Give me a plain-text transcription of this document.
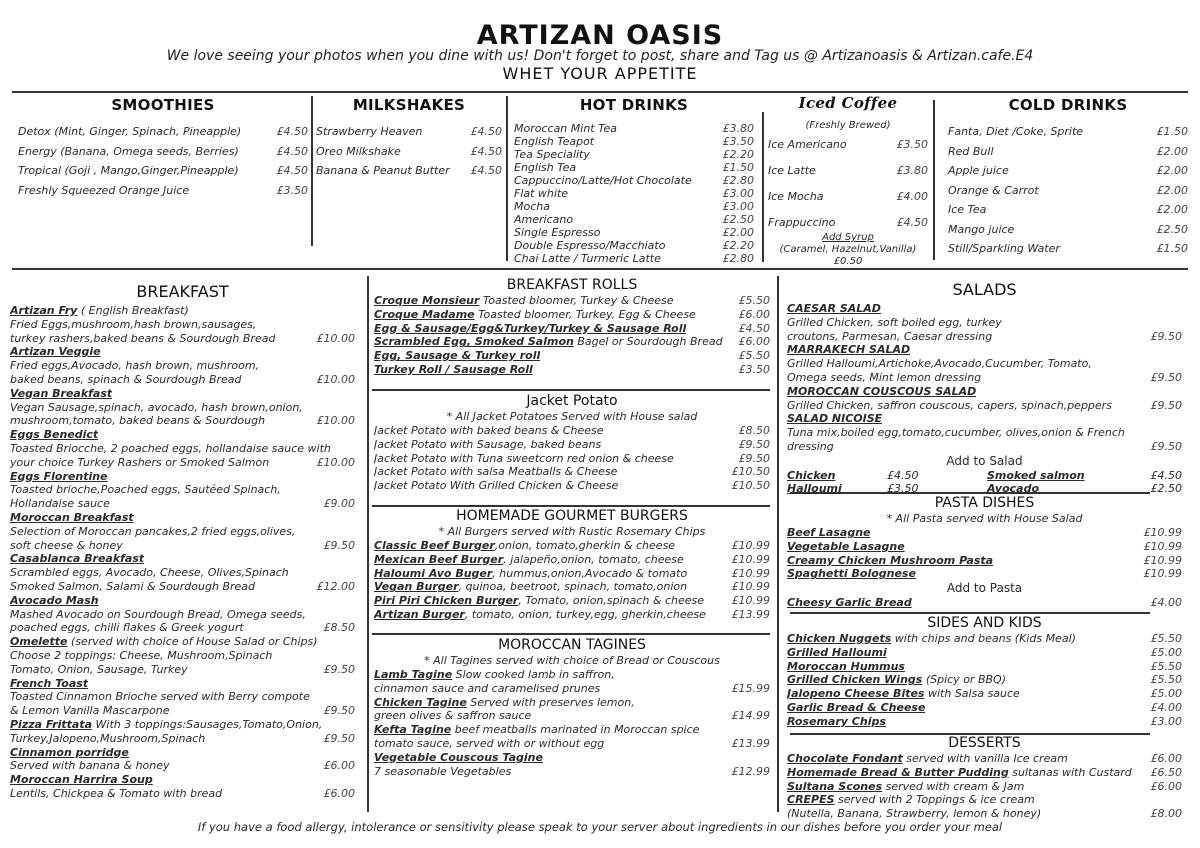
ARTIZAN OASIS
We love seeing your photos when you dine with us! Don't forget to post, share and Tag us @ Artizanoasis & Artizan.cafe.E4
WHET YOUR APPETITE
SMOOTHIES
Detox (Mint, Ginger, Spinach, Pineapple)	£4.50
Energy (Banana, Omega seeds, Berries)	£4.50
Tropical (Goji , Mango,Ginger,Pineapple)	£4.50
Freshly Squeezed Orange Juice	£3.50
MILKSHAKES
Strawberry Heaven	£4.50
Oreo Milkshake	£4.50
Banana & Peanut Butter £4.50
HOT DRINKS
Moroccan Mint Tea	£3.80
English Teapot	£3.50
Tea Speciality	£2.20
English Tea	£1.50
Cappuccino/Latte/Hot Chocolate	£2.80
Flat white	£3.00
Mocha	£3.00
Americano	£2.50
Single Espresso	£2.00
Double Espresso/Macchiato	£2.20
Chai Latte / Turmeric Latte	£2.80
Iced Coffee
(Freshly Brewed)
Ice Americano	£3.50
Ice Latte	£3.80
Ice Mocha	£4.00
Frappuccino	£4.50
Add Syrup
(Caramel, Hazelnut,Vanilla)
£0.50
COLD DRINKS
Fanta, Diet /Coke, Sprite	£1.50
Red Bull	£2.00
Apple juice	£2.00
Orange & Carrot	£2.00
Ice Tea	£2.00
Mango juice	£2.50
Still/Sparkling Water	£1.50
BREAKFAST
Artizan Fry ( English Breakfast)
Fried Eggs,mushroom,hash brown,sausages,
turkey rashers,baked beans & Sourdough Bread	£10.00
Artizan Veggie
Fried eggs,Avocado, hash brown, mushroom,
baked beans, spinach & Sourdough Bread	£10.00
Vegan Breakfast
Vegan Sausage,spinach, avocado, hash brown,onion,
mushroom,tomato, baked beans & Sourdough	£10.00
Eggs Benedict
Toasted Briocche, 2 poached eggs, hollandaise sauce with
your choice Turkey Rashers or Smoked Salmon	£10.00
Eggs Florentine
Toasted brioche,Poached eggs, Sautéed Spinach,
Hollandaise sauce	£9.00
Moroccan Breakfast
Selection of Moroccan pancakes,2 fried eggs,olives,
soft cheese & honey	£9.50
Casablanca Breakfast
Scrambled eggs, Avocado, Cheese, Olives,Spinach
Smoked Salmon, Salami & Sourdough Bread	£12.00
Avocado Mash
Mashed Avocado on Sourdough Bread, Omega seeds,
poached eggs, chilli flakes & Greek yogurt	£8.50
Omelette (served with choice of House Salad or Chips)
Choose 2 toppings: Cheese, Mushroom,Spinach
Tomato, Onion, Sausage, Turkey	£9.50
French Toast
Toasted Cinnamon Brioche served with Berry compote
& Lemon Vanilla Mascarpone	£9.50
Pizza Frittata With 3 toppings:Sausages,Tomato,Onion,
Turkey,Jalopeno,Mushroom,Spinach	£9.50
Cinnamon porridge
Served with banana & honey	£6.00
Moroccan Harrira Soup
Lentils, Chickpea & Tomato with bread	£6.00
BREAKFAST ROLLS
Croque Monsieur Toasted bloomer, Turkey & Cheese	£5.50
Croque Madame Toasted bloomer, Turkey, Egg & Cheese	£6.00
Egg & Sausage/Egg&Turkey/Turkey & Sausage Roll	£4.50
Scrambled Egg, Smoked Salmon Bagel or Sourdough Bread £6.00
Egg, Sausage & Turkey roll	£5.50
Turkey Roll / Sausage Roll	£3.50
Jacket Potato
* All Jacket Potatoes Served with House salad
Jacket Potato with baked beans & Cheese	£8.50
Jacket Potato with Sausage, baked beans	£9.50
Jacket Potato with Tuna sweetcorn red onion & cheese	£9.50
Jacket Potato with salsa Meatballs & Cheese	£10.50
Jacket Potato With Grilled Chicken & Cheese	£10.50
HOMEMADE GOURMET BURGERS
* All Burgers served with Rustic Rosemary Chips
Classic Beef Burger,onion, tomato,gherkin & cheese	£10.99
Mexican Beef Burger, jalapeño,onion, tomato, cheese	£10.99
Haloumi Avo Buger, hummus,onion,Avocado & tomato	£10.99
Vegan Burger, quinoa, beetroot, spinach, tomato,onion	£10.99
Piri Piri Chicken Burger, Tomato, onion,spinach & cheese £10.99
Artizan Burger, tomato, onion, turkey,egg, gherkin,cheese £13.99
MOROCCAN TAGINES
* All Tagines served with choice of Bread or Couscous
Lamb Tagine Slow cooked lamb in saffron,
cinnamon sauce and caramelised prunes	£15.99
Chicken Tagine Served with preserves lemon,
green olives & saffron sauce	£14.99
Kefta Tagine beef meatballs marinated in Moroccan spice
tomato sauce, served with or without egg	£13.99
Vegetable Couscous Tagine
7 seasonable Vegetables	£12.99
SALADS
CAESAR SALAD
Grilled Chicken, soft boiled egg, turkey
croutons, Parmesan, Caesar dressing	£9.50
MARRAKECH SALAD
Grilled Halloumi,Artichoke,Avocado,Cucumber, Tomato,
Omega seeds, Mint lemon dressing	£9.50
MOROCCAN COUSCOUS SALAD
Grilled Chicken, saffron couscous, capers, spinach,peppers	£9.50
SALAD NICOISE
Tuna mix,boiled egg,tomato,cucumber, olives,onion & French
dressing	£9.50
Add to Salad
Chicken	£4.50	Smoked salmon	£4.50
Halloumi	£3.50	Avocado	£2.50
PASTA DISHES
* All Pasta served with House Salad
Beef Lasagne	£10.99
Vegetable Lasagne	£10.99
Creamy Chicken Mushroom Pasta	£10.99
Spaghetti Bolognese	£10.99
Add to Pasta
Cheesy Garlic Bread	£4.00
SIDES AND KIDS
Chicken Nuggets with chips and beans (Kids Meal)	£5.50
Grilled Halloumi	£5.00
Moroccan Hummus	£5.50
Grilled Chicken Wings (Spicy or BBQ)	£5.50
Jalopeno Cheese Bites with Salsa sauce	£5.00
Garlic Bread & Cheese	£4.00
Rosemary Chips	£3.00
DESSERTS
Chocolate Fondant served with vanilla Ice cream	£6.00
Homemade Bread & Butter Pudding sultanas with Custard £6.50
Sultana Scones served with cream & Jam	£6.00
CREPES served with 2 Toppings & ice cream
(Nutella, Banana, Strawberry, lemon & honey)	£8.00
If you have a food allergy, intolerance or sensitivity please speak to your server about ingredients in our dishes before you order your meal
